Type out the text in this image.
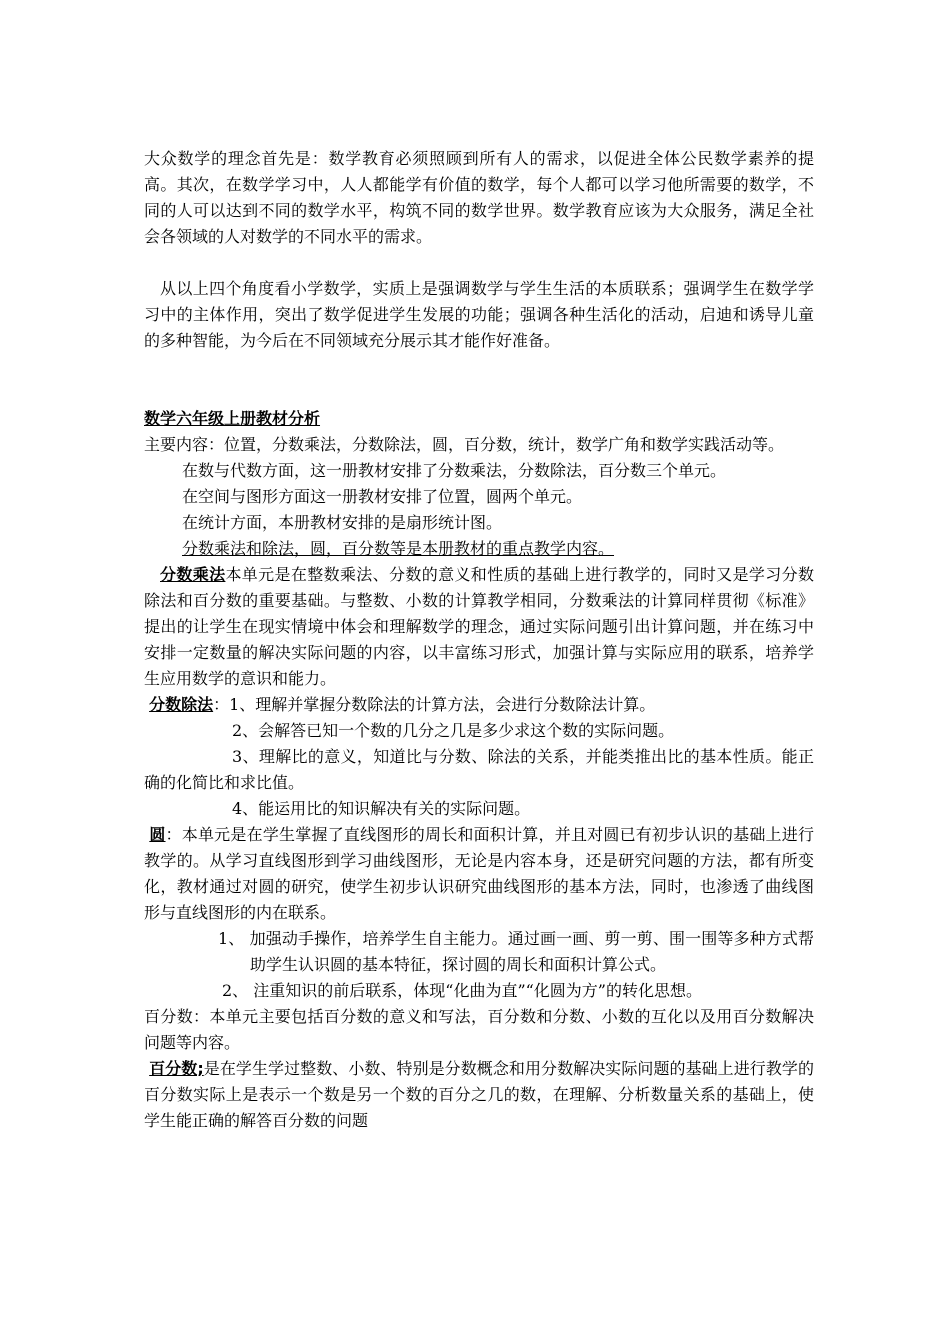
大众数学的理念首先是：数学教育必须照顾到所有人的需求，以促进全体公民数学素养的提高。其次，在数学学习中，人人都能学有价值的数学，每个人都可以学习他所需要的数学，不同的人可以达到不同的数学水平，构筑不同的数学世界。数学教育应该为大众服务，满足全社会各领域的人对数学的不同水平的需求。

从以上四个角度看小学数学，实质上是强调数学与学生生活的本质联系；强调学生在数学学习中的主体作用，突出了数学促进学生发展的功能；强调各种生活化的活动，启迪和诱导儿童的多种智能，为今后在不同领域充分展示其才能作好准备。

数学六年级上册教材分析

主要内容：位置，分数乘法，分数除法，圆，百分数，统计，数学广角和数学实践活动等。

在数与代数方面，这一册教材安排了分数乘法，分数除法，百分数三个单元。

在空间与图形方面这一册教材安排了位置，圆两个单元。

在统计方面，本册教材安排的是扇形统计图。

分数乘法和除法，圆，百分数等是本册教材的重点教学内容。

分数乘法本单元是在整数乘法、分数的意义和性质的基础上进行教学的，同时又是学习分数除法和百分数的重要基础。与整数、小数的计算教学相同，分数乘法的计算同样贯彻《标准》提出的让学生在现实情境中体会和理解数学的理念，通过实际问题引出计算问题，并在练习中安排一定数量的解决实际问题的内容，以丰富练习形式，加强计算与实际应用的联系，培养学生应用数学的意识和能力。

分数除法：1、理解并掌握分数除法的计算方法，会进行分数除法计算。

2、会解答已知一个数的几分之几是多少求这个数的实际问题。

3、理解比的意义，知道比与分数、除法的关系，并能类推出比的基本性质。能正确的化简比和求比值。

4、能运用比的知识解决有关的实际问题。

圆：本单元是在学生掌握了直线图形的周长和面积计算，并且对圆已有初步认识的基础上进行教学的。从学习直线图形到学习曲线图形，无论是内容本身，还是研究问题的方法，都有所变化，教材通过对圆的研究，使学生初步认识研究曲线图形的基本方法，同时，也渗透了曲线图形与直线图形的内在联系。

1、 加强动手操作，培养学生自主能力。通过画一画、剪一剪、围一围等多种方式帮助学生认识圆的基本特征，探讨圆的周长和面积计算公式。

2、 注重知识的前后联系，体现“化曲为直”“化圆为方”的转化思想。

百分数：本单元主要包括百分数的意义和写法，百分数和分数、小数的互化以及用百分数解决问题等内容。

百分数;是在学生学过整数、小数、特别是分数概念和用分数解决实际问题的基础上进行教学的百分数实际上是表示一个数是另一个数的百分之几的数，在理解、分析数量关系的基础上，使学生能正确的解答百分数的问题
